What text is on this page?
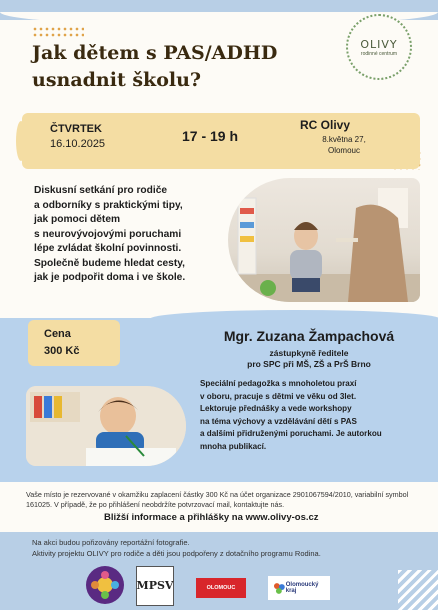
Jak dětem s PAS/ADHD
usnadnit školu?
OLIVY
rodinné centrum
ČTVRTEK
16.10.2025	17 - 19 h
RC Olivy
8.května 27,
Olomouc
Diskusní setkání pro rodiče
a odborníky s praktickými tipy,
jak pomoci dětem
s neurovývojovými poruchami
lépe zvládat školní povinnosti.
Společně budeme hledat cesty,
jak je podpořit doma i ve škole.
Cena
300 Kč
Mgr. Zuzana Žampachová
zástupkyně ředitele
pro SPC při MŠ, ZŠ a PrŠ Brno
Speciální pedagožka s mnoholetou praxí
v oboru, pracuje s dětmi ve věku od 3let.
Lektoruje přednášky a vede workshopy
na téma výchovy a vzdělávání dětí s PAS
a dalšími přidruženými poruchami. Je autorkou
mnoha publikací.
Vaše místo je rezervované v okamžiku zaplacení částky 300 Kč na účet organizace 2901067594/2010, variabilní symbol 161025. V případě, že po přihlášení neobdržíte potvrzovací mail, kontaktujte nás.
Bližší informace a přihlášky na www.olivy-os.cz
Na akci budou pořizovány reportážní fotografie.
Aktivity projektu OLIVY pro rodiče a děti jsou podpořeny z dotačního programu Rodina.
MPSV	OLOMOUC	Olomoucký kraj
